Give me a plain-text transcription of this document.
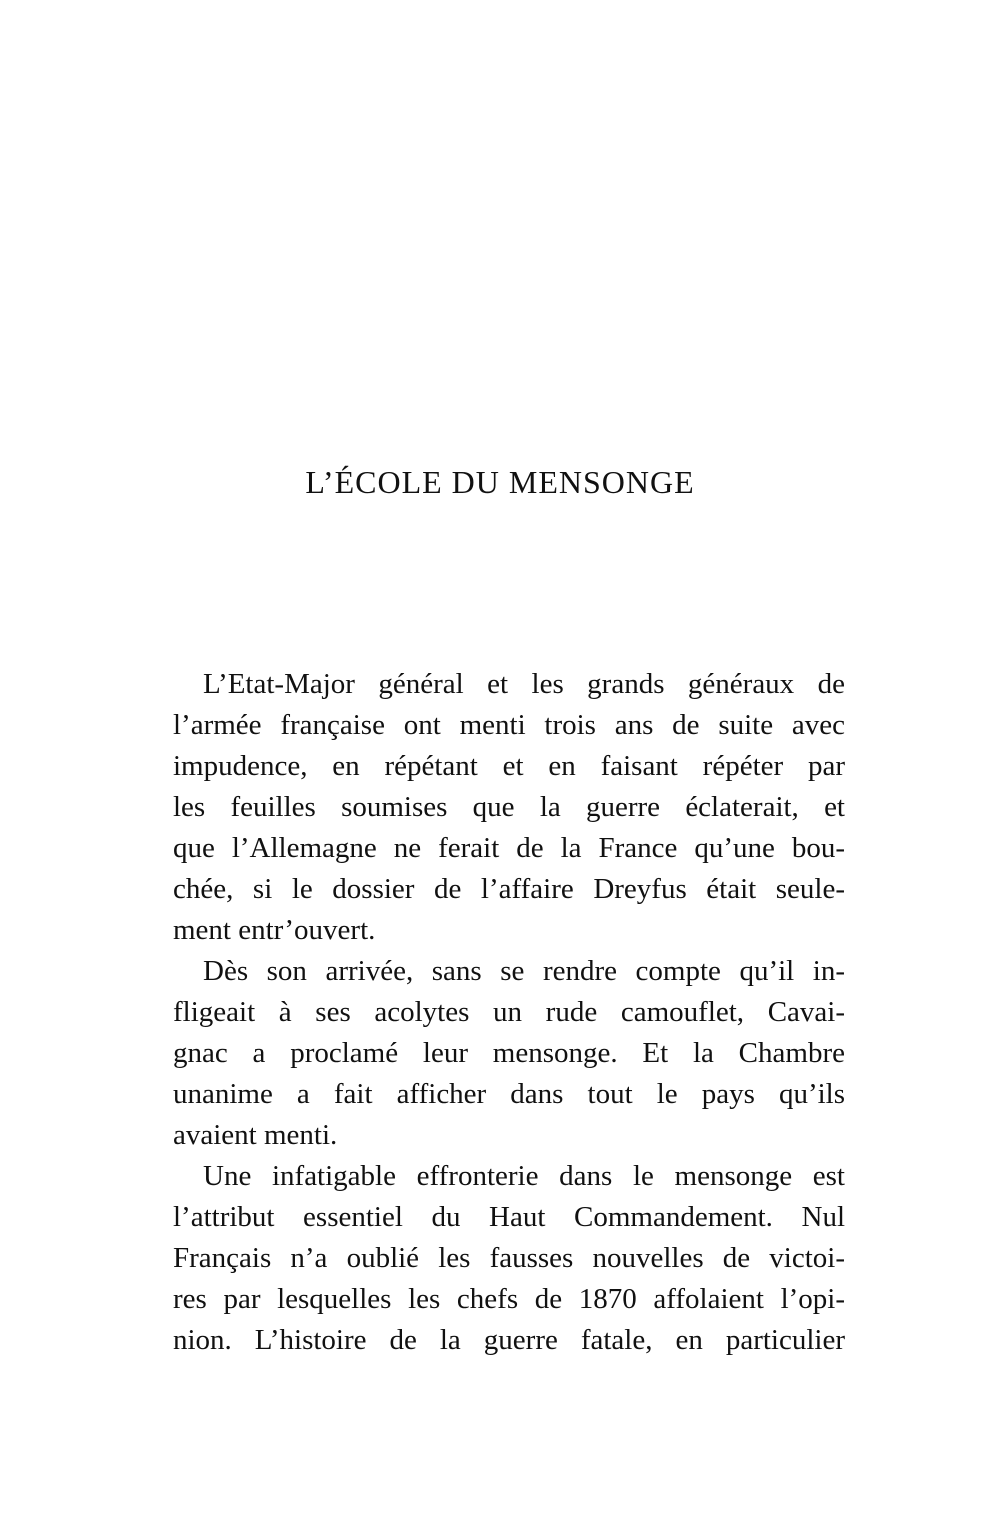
L’ÉCOLE DU MENSONGE
L’Etat-Major général et les grands généraux de
l’armée française ont menti trois ans de suite avec
impudence, en répétant et en faisant répéter par
les feuilles soumises que la guerre éclaterait, et
que l’Allemagne ne ferait de la France qu’une bou-
chée, si le dossier de l’affaire Dreyfus était seule-
ment entr’ouvert.
Dès son arrivée, sans se rendre compte qu’il in-
fligeait à ses acolytes un rude camouflet, Cavai-
gnac a proclamé leur mensonge. Et la Chambre
unanime a fait afficher dans tout le pays qu’ils
avaient menti.
Une infatigable effronterie dans le mensonge est
l’attribut essentiel du Haut Commandement. Nul
Français n’a oublié les fausses nouvelles de victoi-
res par lesquelles les chefs de 1870 affolaient l’opi-
nion. L’histoire de la guerre fatale, en particulier
